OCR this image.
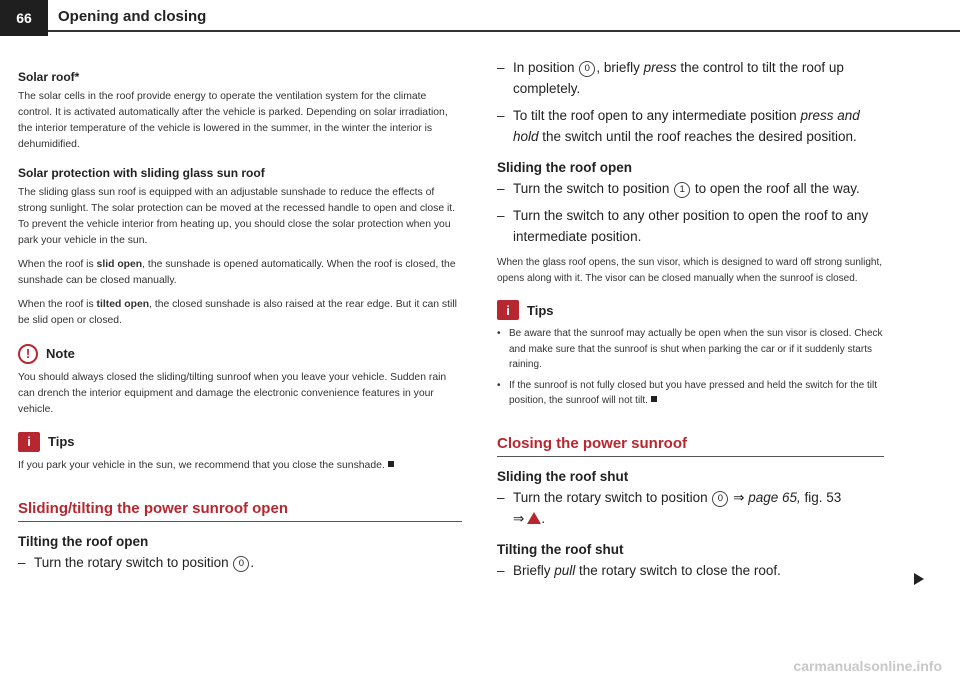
66	Opening and closing
Solar roof*

The solar cells in the roof provide energy to operate the ventilation system for the climate control. It is activated automatically after the vehicle is parked. Depending on solar irradiation, the interior temperature of the vehicle is lowered in the summer, in the winter the interior is dehumidified.

Solar protection with sliding glass sun roof

The sliding glass sun roof is equipped with an adjustable sunshade to reduce the effects of strong sunlight. The solar protection can be moved at the recessed handle to open and close it. To prevent the vehicle interior from heating up, you should close the solar protection when you park your vehicle in the sun.

When the roof is slid open, the sunshade is opened automatically. When the roof is closed, the sunshade can be closed manually.

When the roof is tilted open, the closed sunshade is also raised at the rear edge. But it can still be slid open or closed.

!	Note

You should always closed the sliding/tilting sunroof when you leave your vehicle. Sudden rain can drench the interior equipment and damage the electronic convenience features in your vehicle.

i	Tips

If you park your vehicle in the sun, we recommend that you close the sunshade.

Sliding/tilting the power sunroof open
Tilting the roof open
– Turn the rotary switch to position 0 .
– In position 0 , briefly press the control to tilt the roof up completely.
– To tilt the roof open to any intermediate position press and hold the switch until the roof reaches the desired position.
Sliding the roof open
– Turn the switch to position 1 to open the roof all the way.
– Turn the switch to any other position to open the roof to any intermediate position.

When the glass roof opens, the sun visor, which is designed to ward off strong sunlight, opens along with it. The visor can be closed manually when the sunroof is closed.

i	Tips
• Be aware that the sunroof may actually be open when the sun visor is closed. Check and make sure that the sunroof is shut when parking the car or if it suddenly starts raining.
• If the sunroof is not fully closed but you have pressed and held the switch for the tilt position, the sunroof will not tilt.
Closing the power sunroof
Sliding the roof shut
– Turn the rotary switch to position 0 ⇒ page 65, fig. 53
⇒ .
Tilting the roof shut
– Briefly pull the rotary switch to close the roof.
carmanualsonline.info
